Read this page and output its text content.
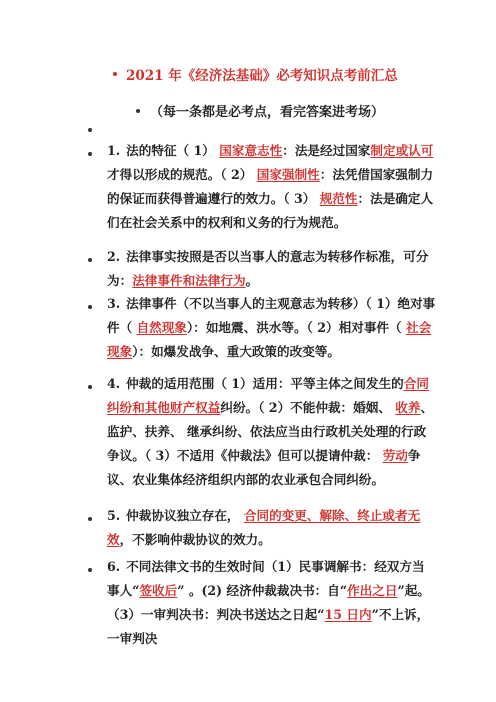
2021 年《经济法基础》必考知识点考前汇总
（每一条都是必考点，看完答案进考场）
1. 法的特征（ 1） 国家意志性：法是经过国家制定或认可才得以形成的规范。（ 2） 国家强制性：法凭借国家强制力的保证而获得普遍遵行的效力。（ 3） 规范性：法是确定人们在社会关系中的权利和义务的行为规范。
2. 法律事实按照是否以当事人的意志为转移作标准，可分为：法律事件和法律行为。
3. 法律事件（不以当事人的主观意志为转移）（ 1）绝对事件（ 自然现象）：如地震、洪水等。（ 2）相对事件（ 社会现象）：如爆发战争、重大政策的改变等。
4. 仲裁的适用范围（ 1）适用：平等主体之间发生的合同纠纷和其他财产权益纠纷。（ 2）不能仲裁：婚姻、 收养、监护、扶养、 继承纠纷、依法应当由行政机关处理的行政争议。（ 3）不适用《仲裁法》但可以提请仲裁： 劳动争议、农业集体经济组织内部的农业承包合同纠纷。
5. 仲裁协议独立存在， 合同的变更、解除、终止或者无效，不影响仲裁协议的效力。
6. 不同法律文书的生效时间（1）民事调解书：经双方当事人“签收后” 。(2) 经济仲裁裁决书：自“作出之日”起。（3）一审判决书：判决书送达之日起“15 日内”不上诉，一审判决
